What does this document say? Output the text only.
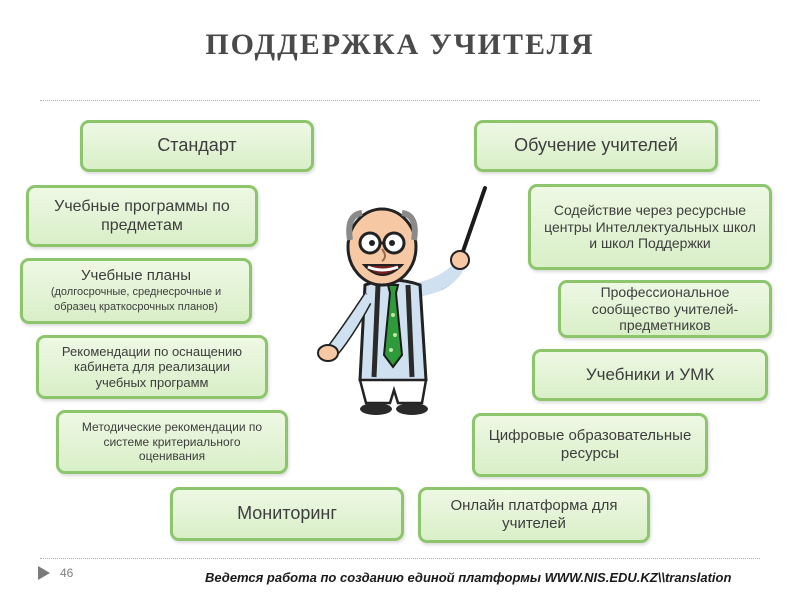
ПОДДЕРЖКА УЧИТЕЛЯ
Стандарт
Учебные программы по предметам
Учебные планы
(долгосрочные, среднесрочные и образец краткосрочных планов)
Рекомендации по оснащению кабинета для реализации учебных программ
Методические рекомендации по системе критериального оценивания
Мониторинг
Обучение учителей
Содействие через ресурсные центры Интеллектуальных школ и школ Поддержки
Профессиональное сообщество учителей-предметников
Учебники и УМК
Цифровые образовательные ресурсы
Онлайн платформа для учителей
46	Ведется работа по созданию единой платформы WWW.NIS.EDU.KZ\\translation
